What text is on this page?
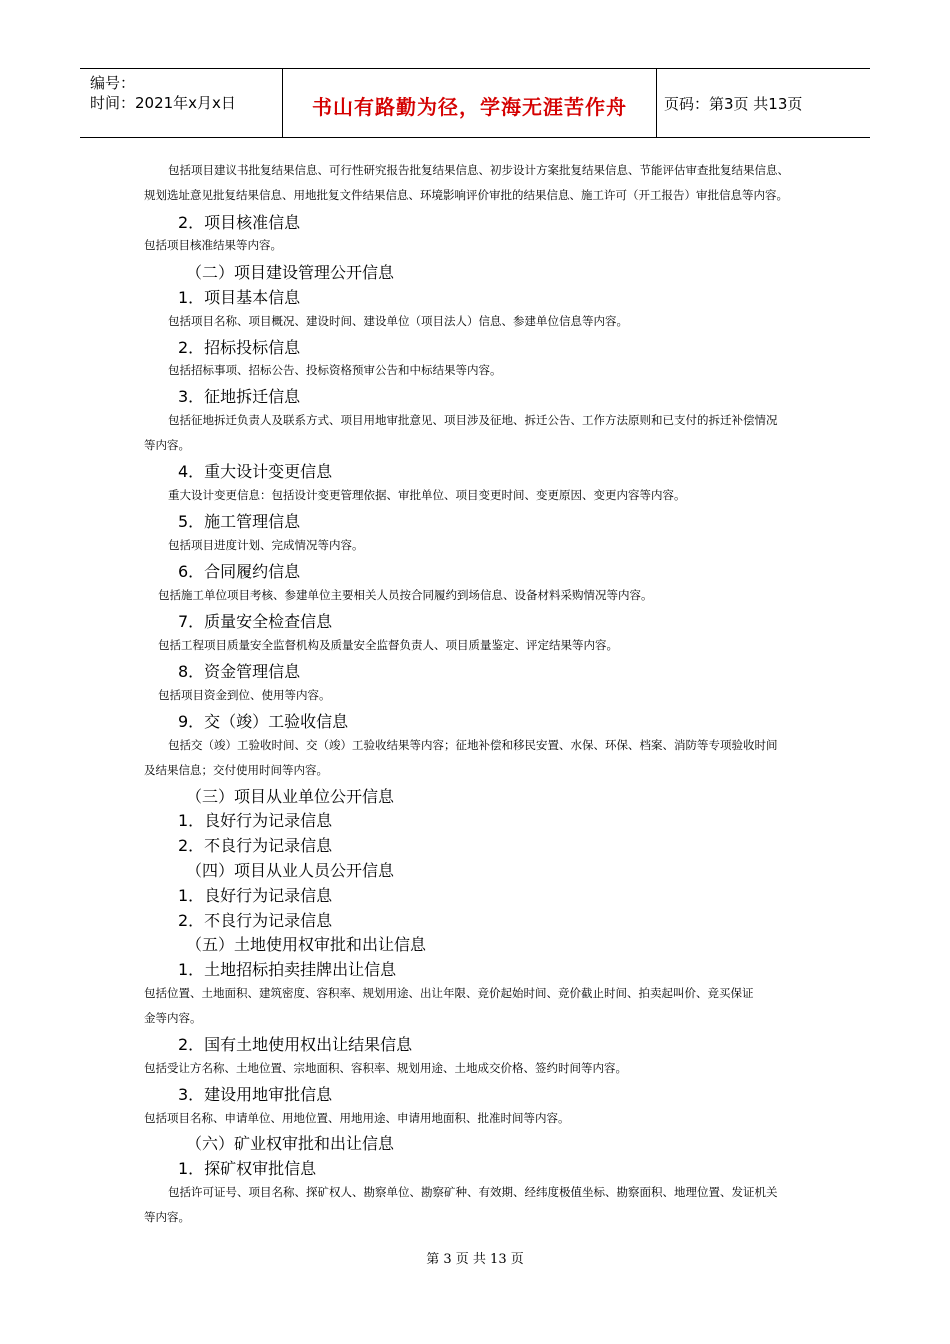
编号：
时间：2021年x月x日	书山有路勤为径，学海无涯苦作舟	页码：第3页 共13页
包括项目建议书批复结果信息、可行性研究报告批复结果信息、初步设计方案批复结果信息、节能评估审查批复结果信息、
规划选址意见批复结果信息、用地批复文件结果信息、环境影响评价审批的结果信息、施工许可（开工报告）审批信息等内容。
2．项目核准信息
包括项目核准结果等内容。
（二）项目建设管理公开信息
1．项目基本信息
包括项目名称、项目概况、建设时间、建设单位（项目法人）信息、参建单位信息等内容。
2．招标投标信息
包括招标事项、招标公告、投标资格预审公告和中标结果等内容。
3．征地拆迁信息
包括征地拆迁负责人及联系方式、项目用地审批意见、项目涉及征地、拆迁公告、工作方法原则和已支付的拆迁补偿情况
等内容。
4．重大设计变更信息
重大设计变更信息：包括设计变更管理依据、审批单位、项目变更时间、变更原因、变更内容等内容。
5．施工管理信息
包括项目进度计划、完成情况等内容。
6．合同履约信息
包括施工单位项目考核、参建单位主要相关人员按合同履约到场信息、设备材料采购情况等内容。
7．质量安全检查信息
包括工程项目质量安全监督机构及质量安全监督负责人、项目质量鉴定、评定结果等内容。
8．资金管理信息
包括项目资金到位、使用等内容。
9．交（竣）工验收信息
包括交（竣）工验收时间、交（竣）工验收结果等内容；征地补偿和移民安置、水保、环保、档案、消防等专项验收时间
及结果信息；交付使用时间等内容。
（三）项目从业单位公开信息
1．良好行为记录信息
2．不良行为记录信息
（四）项目从业人员公开信息
1．良好行为记录信息
2．不良行为记录信息
（五）土地使用权审批和出让信息
1．土地招标拍卖挂牌出让信息
包括位置、土地面积、建筑密度、容积率、规划用途、出让年限、竞价起始时间、竞价截止时间、拍卖起叫价、竞买保证
金等内容。
2．国有土地使用权出让结果信息
包括受让方名称、土地位置、宗地面积、容积率、规划用途、土地成交价格、签约时间等内容。
3．建设用地审批信息
包括项目名称、申请单位、用地位置、用地用途、申请用地面积、批准时间等内容。
（六）矿业权审批和出让信息
1．探矿权审批信息
包括许可证号、项目名称、探矿权人、勘察单位、勘察矿种、有效期、经纬度极值坐标、勘察面积、地理位置、发证机关
等内容。
第 3 页 共 13 页
